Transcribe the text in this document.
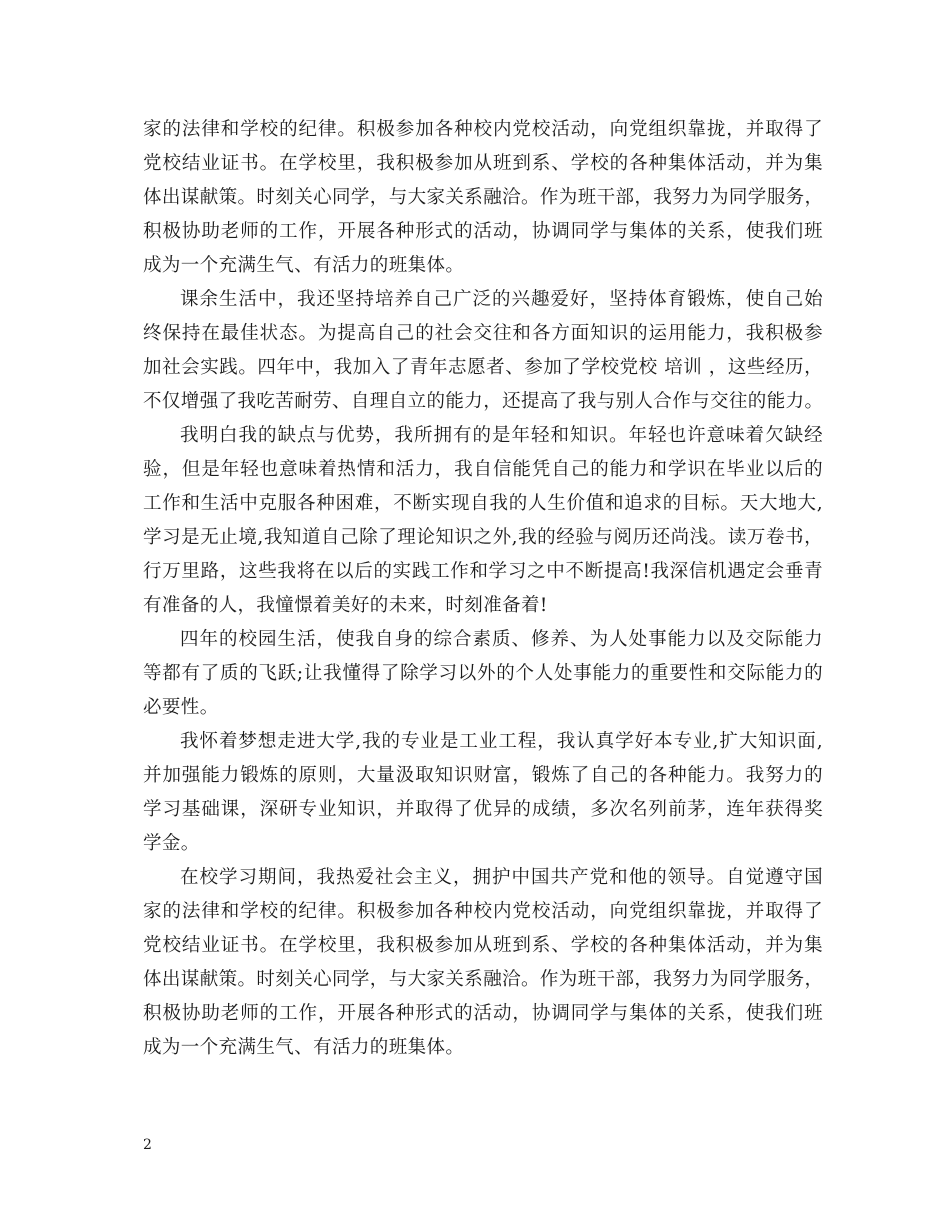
家的法律和学校的纪律。积极参加各种校内党校活动，向党组织靠拢，并取得了
党校结业证书。在学校里，我积极参加从班到系、学校的各种集体活动，并为集
体出谋献策。时刻关心同学，与大家关系融洽。作为班干部，我努力为同学服务，
积极协助老师的工作，开展各种形式的活动，协调同学与集体的关系，使我们班
成为一个充满生气、有活力的班集体。
课余生活中，我还坚持培养自己广泛的兴趣爱好，坚持体育锻炼，使自己始
终保持在最佳状态。为提高自己的社会交往和各方面知识的运用能力，我积极参
加社会实践。四年中，我加入了青年志愿者、参加了学校党校 培训 ，这些经历，
不仅增强了我吃苦耐劳、自理自立的能力，还提高了我与别人合作与交往的能力。
我明白我的缺点与优势，我所拥有的是年轻和知识。年轻也许意味着欠缺经
验，但是年轻也意味着热情和活力，我自信能凭自己的能力和学识在毕业以后的
工作和生活中克服各种困难，不断实现自我的人生价值和追求的目标。天大地大,
学习是无止境,我知道自己除了理论知识之外,我的经验与阅历还尚浅。读万卷书，
行万里路，这些我将在以后的实践工作和学习之中不断提高!我深信机遇定会垂青
有准备的人，我憧憬着美好的未来，时刻准备着!
四年的校园生活，使我自身的综合素质、修养、为人处事能力以及交际能力
等都有了质的飞跃;让我懂得了除学习以外的个人处事能力的重要性和交际能力的
必要性。
我怀着梦想走进大学,我的专业是工业工程，我认真学好本专业,扩大知识面,
并加强能力锻炼的原则，大量汲取知识财富，锻炼了自己的各种能力。我努力的
学习基础课，深研专业知识，并取得了优异的成绩，多次名列前茅，连年获得奖
学金。
在校学习期间，我热爱社会主义，拥护中国共产党和他的领导。自觉遵守国
家的法律和学校的纪律。积极参加各种校内党校活动，向党组织靠拢，并取得了
党校结业证书。在学校里，我积极参加从班到系、学校的各种集体活动，并为集
体出谋献策。时刻关心同学，与大家关系融洽。作为班干部，我努力为同学服务，
积极协助老师的工作，开展各种形式的活动，协调同学与集体的关系，使我们班
成为一个充满生气、有活力的班集体。
2
